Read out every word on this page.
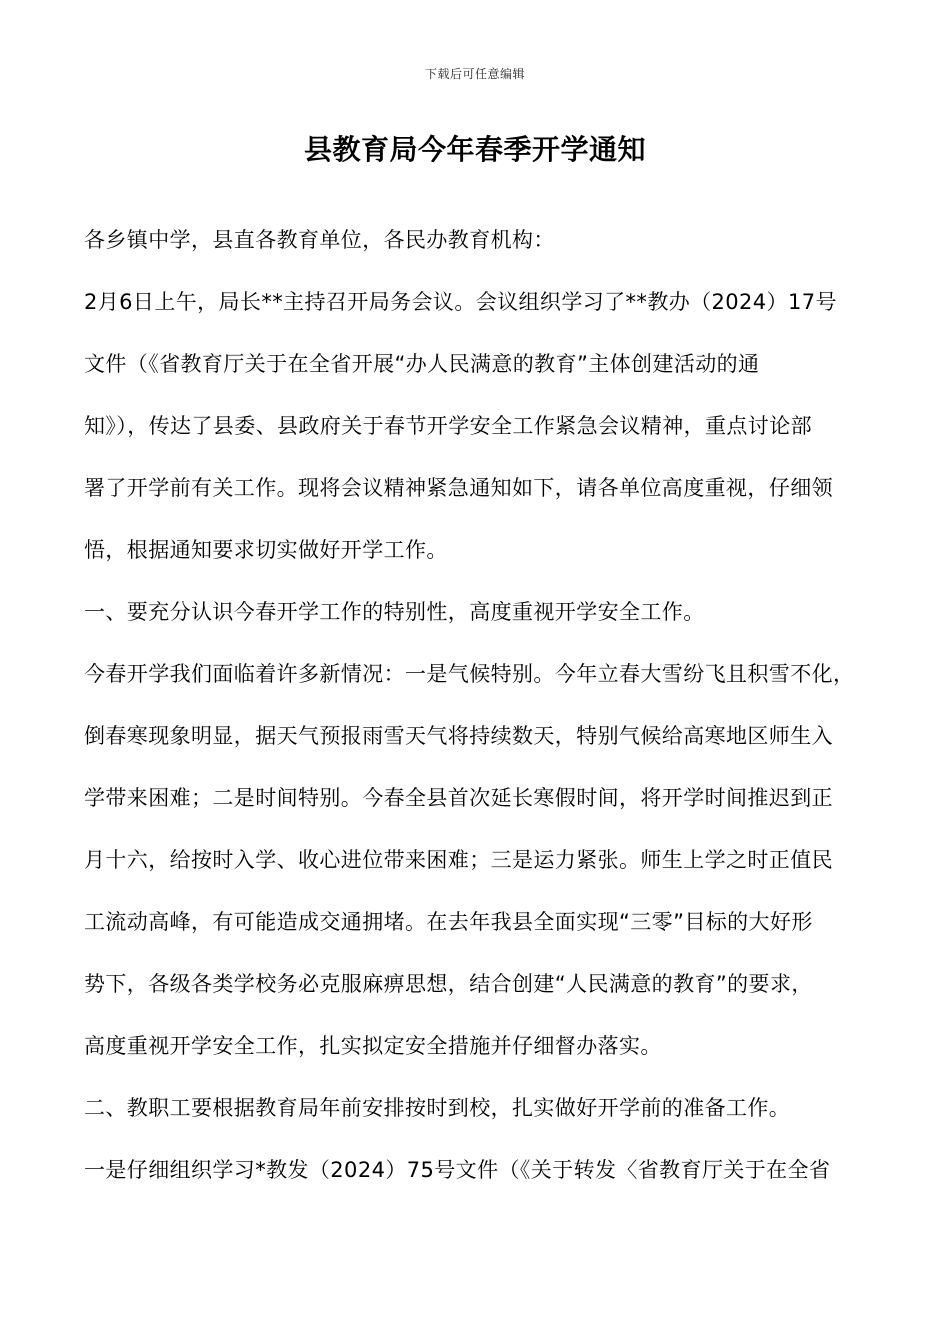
下载后可任意编辑
县教育局今年春季开学通知
各乡镇中学，县直各教育单位，各民办教育机构：
2月6日上午，局长**主持召开局务会议。会议组织学习了**教办（2024）17号
文件（《省教育厅关于在全省开展“办人民满意的教育”主体创建活动的通
知》），传达了县委、县政府关于春节开学安全工作紧急会议精神，重点讨论部
署了开学前有关工作。现将会议精神紧急通知如下，请各单位高度重视，仔细领
悟，根据通知要求切实做好开学工作。
一、要充分认识今春开学工作的特别性，高度重视开学安全工作。
今春开学我们面临着许多新情况：一是气候特别。今年立春大雪纷飞且积雪不化，
倒春寒现象明显，据天气预报雨雪天气将持续数天，特别气候给高寒地区师生入
学带来困难；二是时间特别。今春全县首次延长寒假时间，将开学时间推迟到正
月十六，给按时入学、收心进位带来困难；三是运力紧张。师生上学之时正值民
工流动高峰，有可能造成交通拥堵。在去年我县全面实现“三零”目标的大好形
势下，各级各类学校务必克服麻痹思想，结合创建“人民满意的教育”的要求，
高度重视开学安全工作，扎实拟定安全措施并仔细督办落实。
二、教职工要根据教育局年前安排按时到校，扎实做好开学前的准备工作。
一是仔细组织学习*教发（2024）75号文件（《关于转发〈省教育厅关于在全省
